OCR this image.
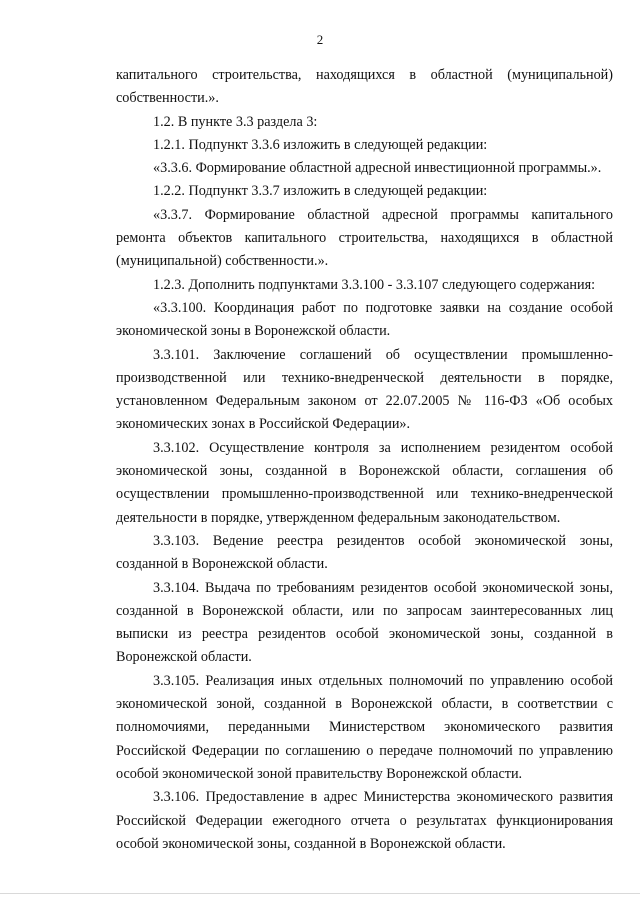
2

капитального строительства, находящихся в областной (муниципальной) собственности.».

1.2. В пункте 3.3 раздела 3:

1.2.1. Подпункт 3.3.6 изложить в следующей редакции:

«3.3.6. Формирование областной адресной инвестиционной программы.».

1.2.2. Подпункт 3.3.7 изложить в следующей редакции:

«3.3.7. Формирование областной адресной программы капитального ремонта объектов капитального строительства, находящихся в областной (муниципальной) собственности.».

1.2.3. Дополнить подпунктами 3.3.100 - 3.3.107 следующего содержания:

«3.3.100. Координация работ по подготовке заявки на создание особой экономической зоны в Воронежской области.

3.3.101. Заключение соглашений об осуществлении промышленно-производственной или технико-внедренческой деятельности в порядке, установленном Федеральным законом от 22.07.2005 № 116-ФЗ «Об особых экономических зонах в Российской Федерации».

3.3.102. Осуществление контроля за исполнением резидентом особой экономической зоны, созданной в Воронежской области, соглашения об осуществлении промышленно-производственной или технико-внедренческой деятельности в порядке, утвержденном федеральным законодательством.

3.3.103. Ведение реестра резидентов особой экономической зоны, созданной в Воронежской области.

3.3.104. Выдача по требованиям резидентов особой экономической зоны, созданной в Воронежской области, или по запросам заинтересованных лиц выписки из реестра резидентов особой экономической зоны, созданной в Воронежской области.

3.3.105. Реализация иных отдельных полномочий по управлению особой экономической зоной, созданной в Воронежской области, в соответствии с полномочиями, переданными Министерством экономического развития Российской Федерации по соглашению о передаче полномочий по управлению особой экономической зоной правительству Воронежской области.

3.3.106. Предоставление в адрес Министерства экономического развития Российской Федерации ежегодного отчета о результатах функционирования особой экономической зоны, созданной в Воронежской области.
